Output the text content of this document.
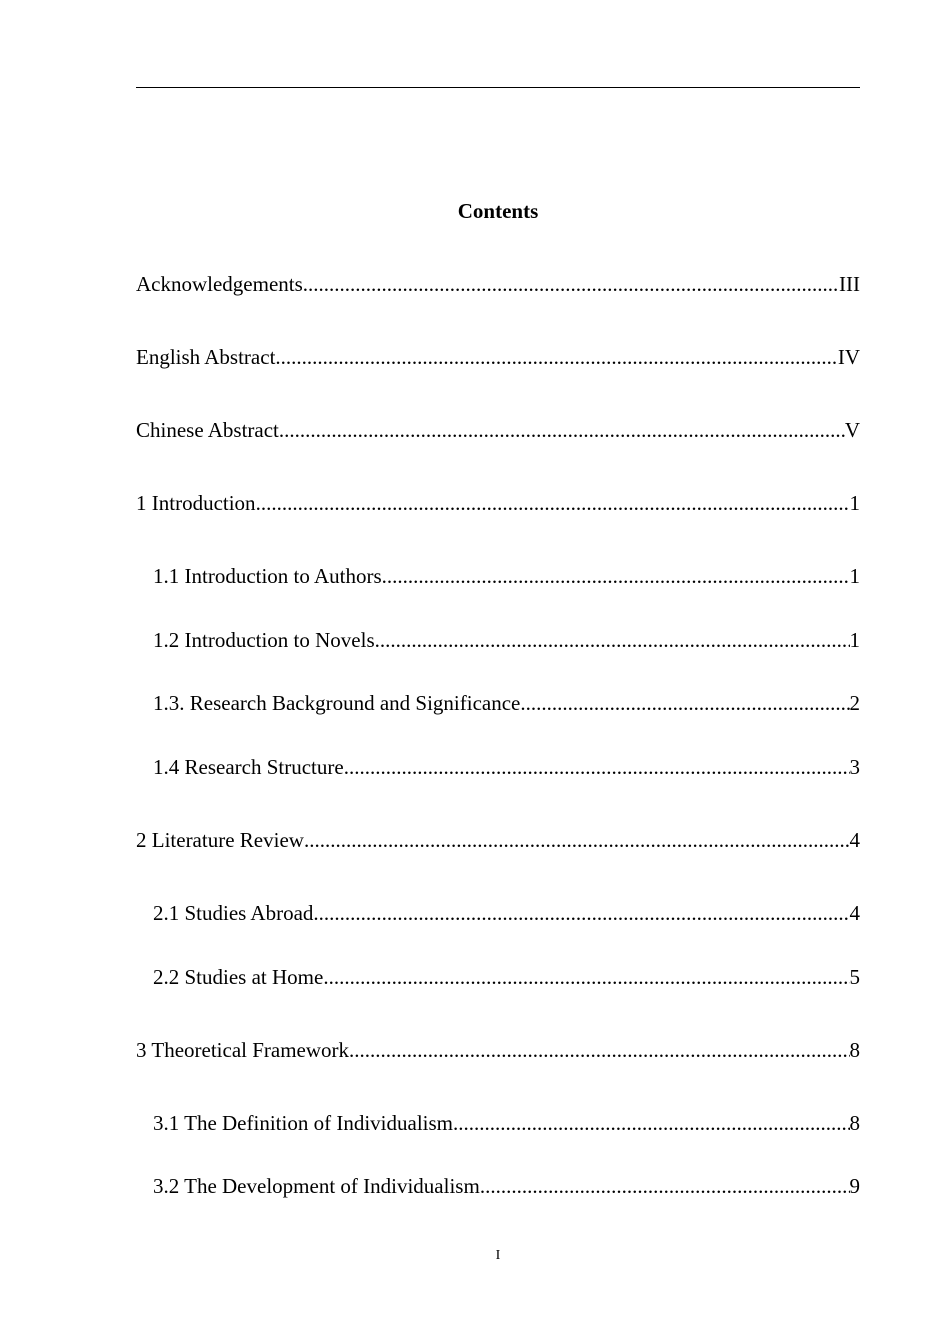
Contents
Acknowledgements .....	III
English Abstract .....	IV
Chinese Abstract .....	V
1 Introduction .....	1
1.1 Introduction to Authors .....	1
1.2 Introduction to Novels .....	1
1.3. Research Background and Significance .....	2
1.4 Research Structure .....	3
2 Literature Review .....	4
2.1 Studies Abroad .....	4
2.2 Studies at Home .....	5
3 Theoretical Framework .....	8
3.1 The Definition of Individualism .....	8
3.2 The Development of Individualism .....	9
I
